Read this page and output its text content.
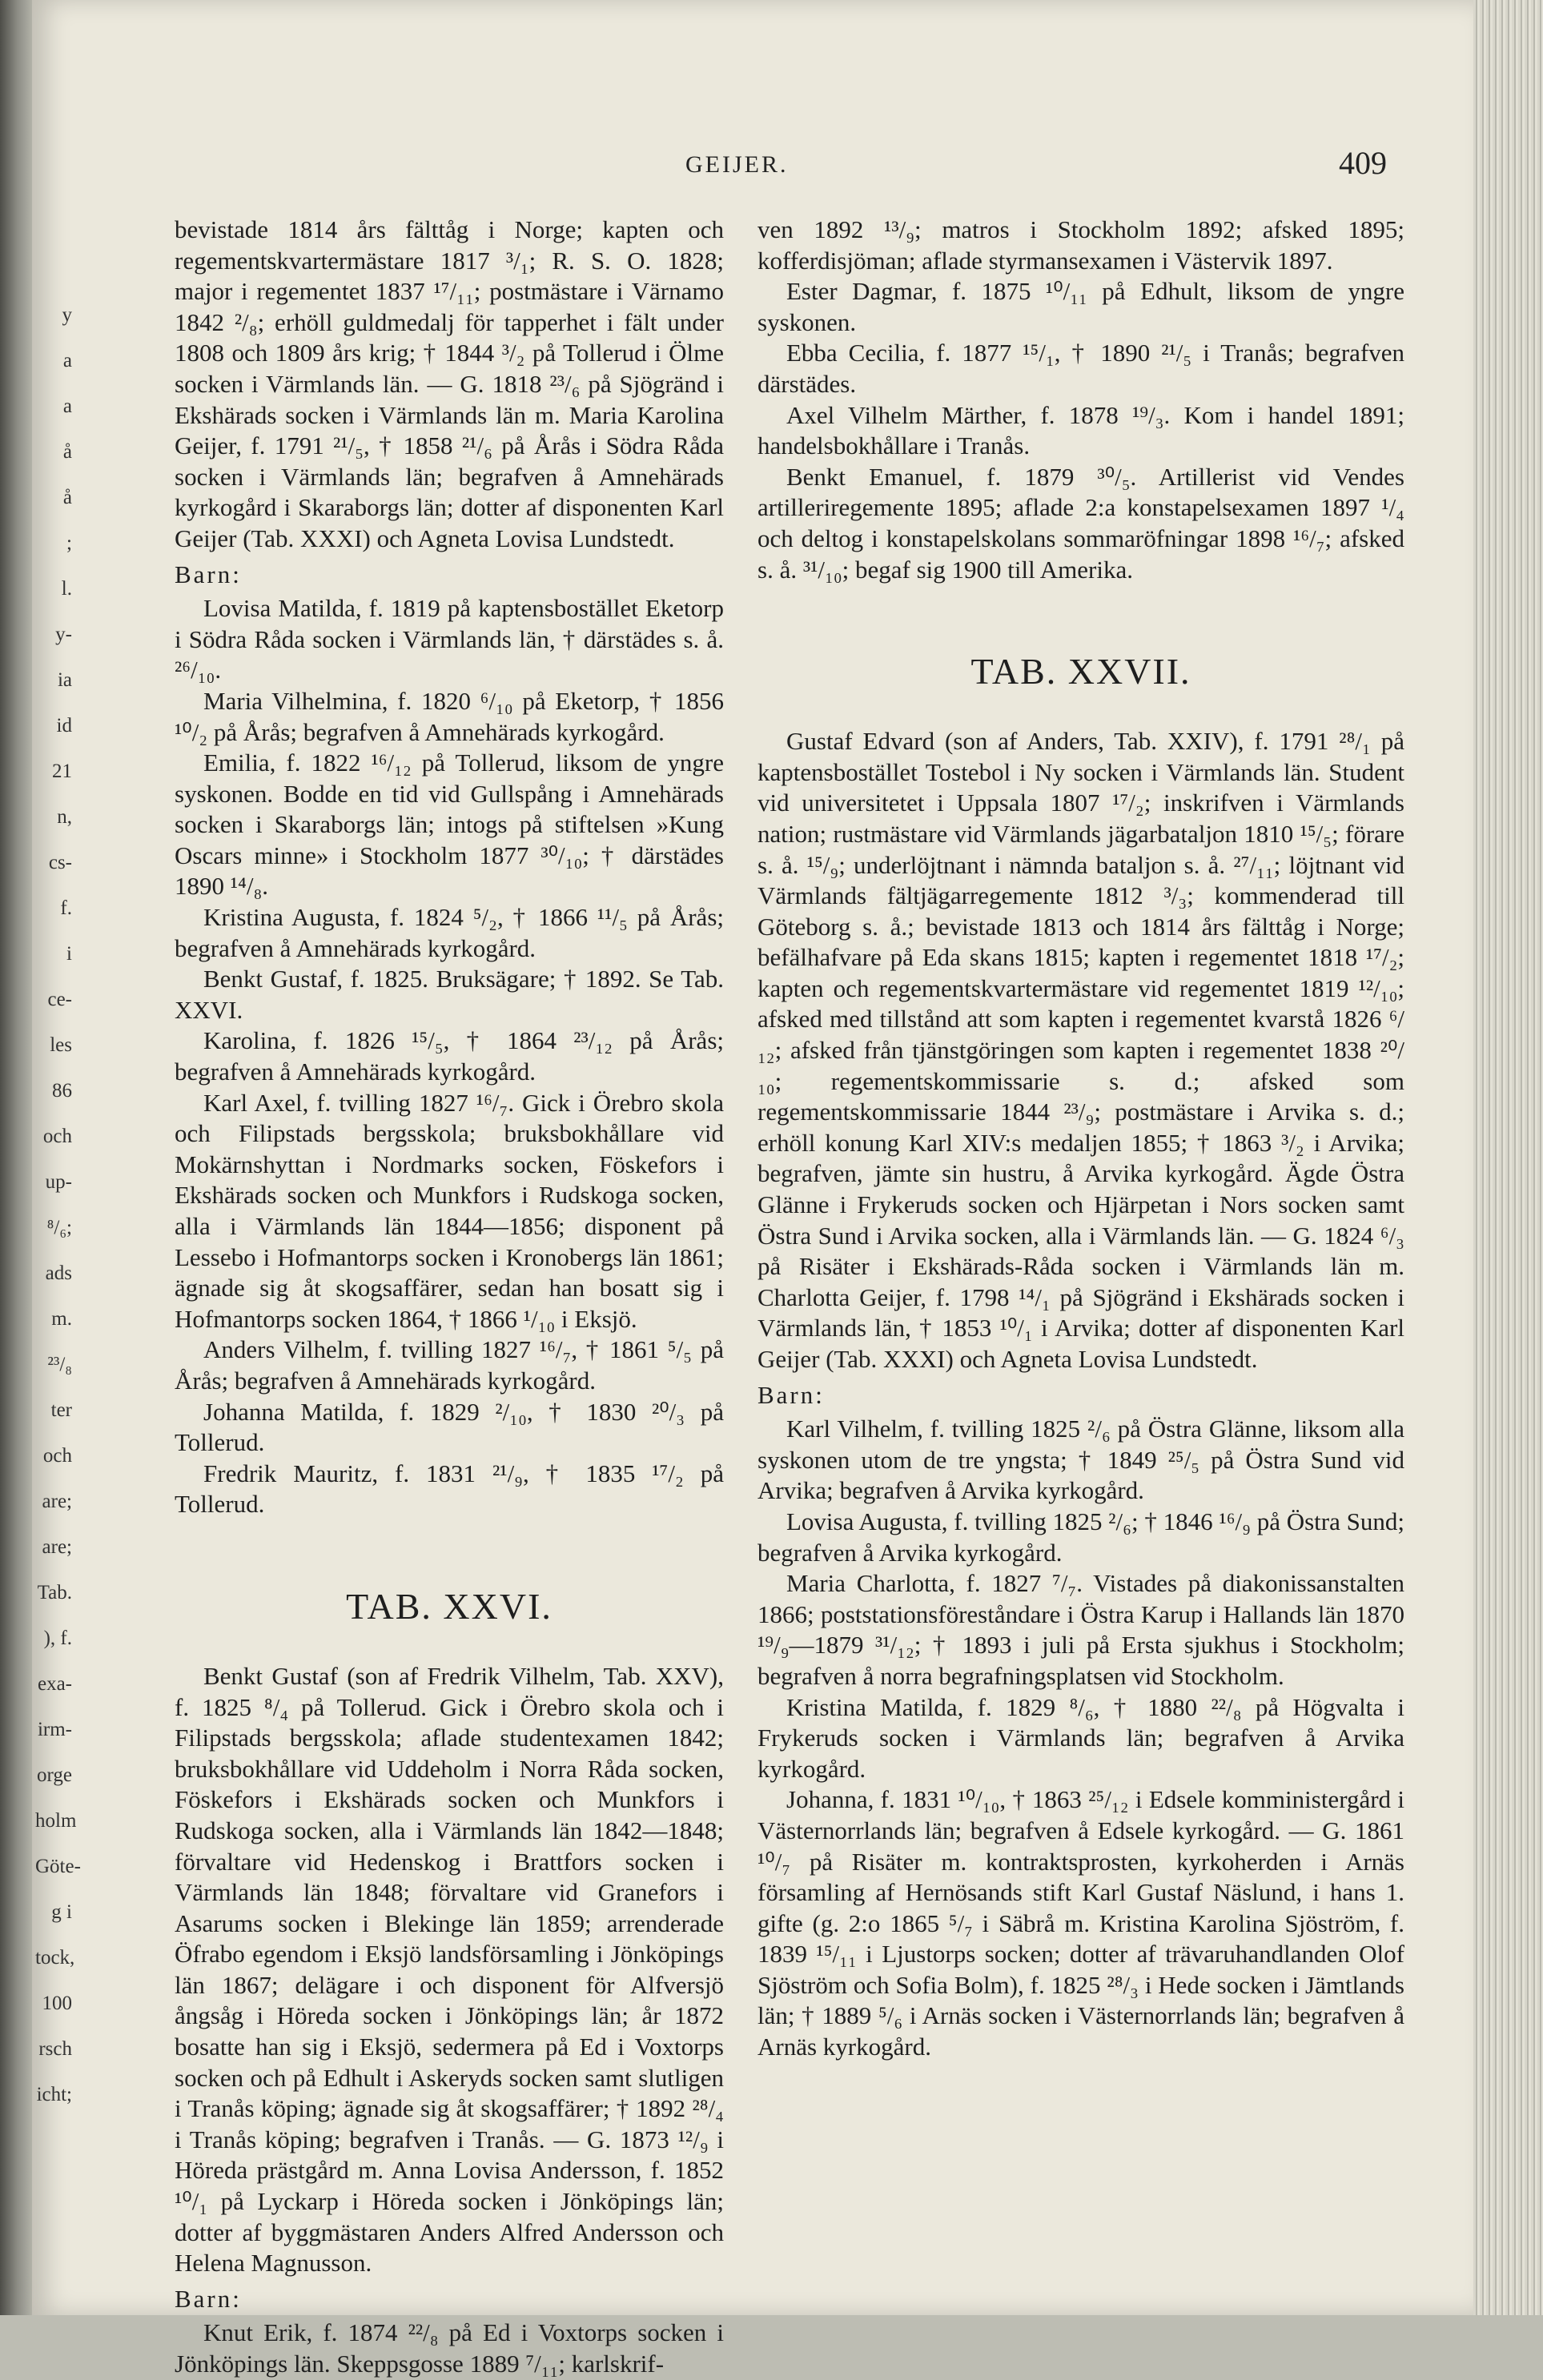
y
a
a
å
å
;
l.
y-
ia
id
21
n,
cs-
f.
i
ce-
les
86
och
up-
⁸/₆;
ads
m.
²³/₈
ter
och
are;
are;
Tab.
), f.
exa-
irm-
orge
holm
Göte-
g i
tock,
100
rsch
icht;
GEIJER.	409

bevistade 1814 års fälttåg i Norge; kapten och regementskvartermästare 1817 ³/₁; R. S. O. 1828; major i regementet 1837 ¹⁷/₁₁; postmästare i Värnamo 1842 ²/₈; erhöll guldmedalj för tapperhet i fält under 1808 och 1809 års krig; † 1844 ³/₂ på Tollerud i Ölme socken i Värmlands län. — G. 1818 ²³/₆ på Sjögränd i Ekshärads socken i Värmlands län m. Maria Karolina Geijer, f. 1791 ²¹/₅, † 1858 ²¹/₆ på Årås i Södra Råda socken i Värmlands län; begrafven å Amnehärads kyrkogård i Skaraborgs län; dotter af disponenten Karl Geijer (Tab. XXXI) och Agneta Lovisa Lundstedt.

Barn:

Lovisa Matilda, f. 1819 på kaptensbostället Eketorp i Södra Råda socken i Värmlands län, † därstädes s. å. ²⁶/₁₀.

Maria Vilhelmina, f. 1820 ⁶/₁₀ på Eketorp, † 1856 ¹⁰/₂ på Årås; begrafven å Amnehärads kyrkogård.

Emilia, f. 1822 ¹⁶/₁₂ på Tollerud, liksom de yngre syskonen. Bodde en tid vid Gullspång i Amnehärads socken i Skaraborgs län; intogs på stiftelsen »Kung Oscars minne» i Stockholm 1877 ³⁰/₁₀; † därstädes 1890 ¹⁴/₈.

Kristina Augusta, f. 1824 ⁵/₂, † 1866 ¹¹/₅ på Årås; begrafven å Amnehärads kyrkogård.

Benkt Gustaf, f. 1825. Bruksägare; † 1892. Se Tab. XXVI.

Karolina, f. 1826 ¹⁵/₅, † 1864 ²³/₁₂ på Årås; begrafven å Amnehärads kyrkogård.

Karl Axel, f. tvilling 1827 ¹⁶/₇. Gick i Örebro skola och Filipstads bergsskola; bruksbokhållare vid Mokärnshyttan i Nordmarks socken, Föskefors i Ekshärads socken och Munkfors i Rudskoga socken, alla i Värmlands län 1844—1856; disponent på Lessebo i Hofmantorps socken i Kronobergs län 1861; ägnade sig åt skogsaffärer, sedan han bosatt sig i Hofmantorps socken 1864, † 1866 ¹/₁₀ i Eksjö.

Anders Vilhelm, f. tvilling 1827 ¹⁶/₇, † 1861 ⁵/₅ på Årås; begrafven å Amnehärads kyrkogård.

Johanna Matilda, f. 1829 ²/₁₀, † 1830 ²⁰/₃ på Tollerud.

Fredrik Mauritz, f. 1831 ²¹/₉, † 1835 ¹⁷/₂ på Tollerud.

TAB. XXVI.

Benkt Gustaf (son af Fredrik Vilhelm, Tab. XXV), f. 1825 ⁸/₄ på Tollerud. Gick i Örebro skola och i Filipstads bergsskola; aflade studentexamen 1842; bruksbokhållare vid Uddeholm i Norra Råda socken, Föskefors i Ekshärads socken och Munkfors i Rudskoga socken, alla i Värmlands län 1842—1848; förvaltare vid Hedenskog i Brattfors socken i Värmlands län 1848; förvaltare vid Granefors i Asarums socken i Blekinge län 1859; arrenderade Öfrabo egendom i Eksjö landsförsamling i Jönköpings län 1867; delägare i och disponent för Alfversjö ångsåg i Höreda socken i Jönköpings län; år 1872 bosatte han sig i Eksjö, sedermera på Ed i Voxtorps socken och på Edhult i Askeryds socken samt slutligen i Tranås köping; ägnade sig åt skogsaffärer; † 1892 ²⁸/₄ i Tranås köping; begrafven i Tranås. — G. 1873 ¹²/₉ i Höreda prästgård m. Anna Lovisa Andersson, f. 1852 ¹⁰/₁ på Lyckarp i Höreda socken i Jönköpings län; dotter af byggmästaren Anders Alfred Andersson och Helena Magnusson.

Barn:

Knut Erik, f. 1874 ²²/₈ på Ed i Voxtorps socken i Jönköpings län. Skeppsgosse 1889 ⁷/₁₁; karlskrif-

ven 1892 ¹³/₉; matros i Stockholm 1892; afsked 1895; kofferdisjöman; aflade styrmansexamen i Västervik 1897.

Ester Dagmar, f. 1875 ¹⁰/₁₁ på Edhult, liksom de yngre syskonen.

Ebba Cecilia, f. 1877 ¹⁵/₁, † 1890 ²¹/₅ i Tranås; begrafven därstädes.

Axel Vilhelm Märther, f. 1878 ¹⁹/₃. Kom i handel 1891; handelsbokhållare i Tranås.

Benkt Emanuel, f. 1879 ³⁰/₅. Artillerist vid Vendes artilleriregemente 1895; aflade 2:a konstapelsexamen 1897 ¹/₄ och deltog i konstapelskolans sommaröfningar 1898 ¹⁶/₇; afsked s. å. ³¹/₁₀; begaf sig 1900 till Amerika.

TAB. XXVII.

Gustaf Edvard (son af Anders, Tab. XXIV), f. 1791 ²⁸/₁ på kaptensbostället Tostebol i Ny socken i Värmlands län. Student vid universitetet i Uppsala 1807 ¹⁷/₂; inskrifven i Värmlands nation; rustmästare vid Värmlands jägarbataljon 1810 ¹⁵/₅; förare s. å. ¹⁵/₉; underlöjtnant i nämnda bataljon s. å. ²⁷/₁₁; löjtnant vid Värmlands fältjägarregemente 1812 ³/₃; kommenderad till Göteborg s. å.; bevistade 1813 och 1814 års fälttåg i Norge; befälhafvare på Eda skans 1815; kapten i regementet 1818 ¹⁷/₂; kapten och regementskvartermästare vid regementet 1819 ¹²/₁₀; afsked med tillstånd att som kapten i regementet kvarstå 1826 ⁶/₁₂; afsked från tjänstgöringen som kapten i regementet 1838 ²⁰/₁₀; regementskommissarie s. d.; afsked som regementskommissarie 1844 ²³/₉; postmästare i Arvika s. d.; erhöll konung Karl XIV:s medaljen 1855; † 1863 ³/₂ i Arvika; begrafven, jämte sin hustru, å Arvika kyrkogård. Ägde Östra Glänne i Frykeruds socken och Hjärpetan i Nors socken samt Östra Sund i Arvika socken, alla i Värmlands län. — G. 1824 ⁶/₃ på Risäter i Ekshärads-Råda socken i Värmlands län m. Charlotta Geijer, f. 1798 ¹⁴/₁ på Sjögränd i Ekshärads socken i Värmlands län, † 1853 ¹⁰/₁ i Arvika; dotter af disponenten Karl Geijer (Tab. XXXI) och Agneta Lovisa Lundstedt.

Barn:

Karl Vilhelm, f. tvilling 1825 ²/₆ på Östra Glänne, liksom alla syskonen utom de tre yngsta; † 1849 ²⁵/₅ på Östra Sund vid Arvika; begrafven å Arvika kyrkogård.

Lovisa Augusta, f. tvilling 1825 ²/₆; † 1846 ¹⁶/₉ på Östra Sund; begrafven å Arvika kyrkogård.

Maria Charlotta, f. 1827 ⁷/₇. Vistades på diakonissanstalten 1866; poststationsföreståndare i Östra Karup i Hallands län 1870 ¹⁹/₉—1879 ³¹/₁₂; † 1893 i juli på Ersta sjukhus i Stockholm; begrafven å norra begrafningsplatsen vid Stockholm.

Kristina Matilda, f. 1829 ⁸/₆, † 1880 ²²/₈ på Högvalta i Frykeruds socken i Värmlands län; begrafven å Arvika kyrkogård.

Johanna, f. 1831 ¹⁰/₁₀, † 1863 ²⁵/₁₂ i Edsele komministergård i Västernorrlands län; begrafven å Edsele kyrkogård. — G. 1861 ¹⁰/₇ på Risäter m. kontraktsprosten, kyrkoherden i Arnäs församling af Hernösands stift Karl Gustaf Näslund, i hans 1. gifte (g. 2:o 1865 ⁵/₇ i Säbrå m. Kristina Karolina Sjöström, f. 1839 ¹⁵/₁₁ i Ljustorps socken; dotter af trävaruhandlanden Olof Sjöström och Sofia Bolm), f. 1825 ²⁸/₃ i Hede socken i Jämtlands län; † 1889 ⁵/₆ i Arnäs socken i Västernorrlands län; begrafven å Arnäs kyrkogård.
